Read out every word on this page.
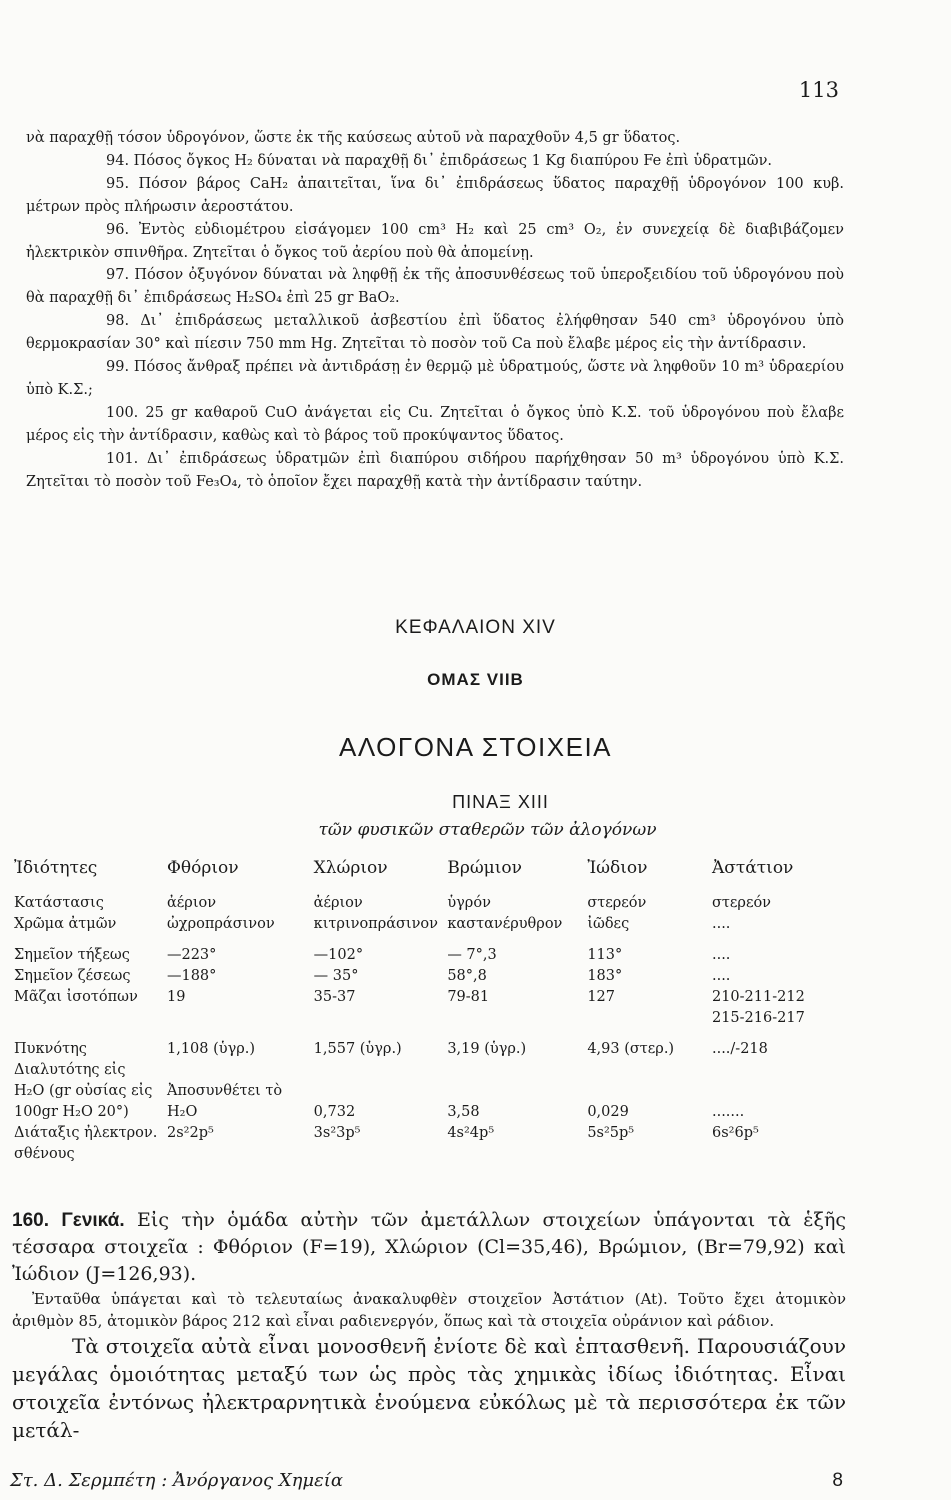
113

νὰ παραχθῇ τόσον ὑδρογόνον, ὥστε ἐκ τῆς καύσεως αὐτοῦ νὰ παραχθοῦν 4,5 gr ὕδατος.

94. Πόσος ὄγκος H₂ δύναται νὰ παραχθῇ δι᾽ ἐπιδράσεως 1 Kg διαπύρου Fe ἐπὶ ὑδρατμῶν.

95. Πόσον βάρος CaH₂ ἀπαιτεῖται, ἵνα δι᾽ ἐπιδράσεως ὕδατος παραχθῇ ὑδρογόνον 100 κυβ. μέτρων πρὸς πλήρωσιν ἀεροστάτου.

96. Ἐντὸς εὐδιομέτρου εἰσάγομεν 100 cm³ H₂ καὶ 25 cm³ O₂, ἐν συνεχείᾳ δὲ διαβιβάζομεν ἠλεκτρικὸν σπινθῆρα. Ζητεῖται ὁ ὄγκος τοῦ ἀερίου ποὺ θὰ ἀπομείνῃ.

97. Πόσον ὀξυγόνον δύναται νὰ ληφθῇ ἐκ τῆς ἀποσυνθέσεως τοῦ ὑπεροξειδίου τοῦ ὑδρογόνου ποὺ θὰ παραχθῇ δι᾽ ἐπιδράσεως H₂SO₄ ἐπὶ 25 gr BaO₂.

98. Δι᾽ ἐπιδράσεως μεταλλικοῦ ἀσβεστίου ἐπὶ ὕδατος ἐλήφθησαν 540 cm³ ὑδρογόνου ὑπὸ θερμοκρασίαν 30° καὶ πίεσιν 750 mm Hg. Ζητεῖται τὸ ποσὸν τοῦ Ca ποὺ ἔλαβε μέρος εἰς τὴν ἀντίδρασιν.

99. Πόσος ἄνθραξ πρέπει νὰ ἀντιδράσῃ ἐν θερμῷ μὲ ὑδρατμούς, ὥστε νὰ ληφθοῦν 10 m³ ὑδραερίου ὑπὸ Κ.Σ.;

100. 25 gr καθαροῦ CuO ἀνάγεται εἰς Cu. Ζητεῖται ὁ ὄγκος ὑπὸ Κ.Σ. τοῦ ὑδρογόνου ποὺ ἔλαβε μέρος εἰς τὴν ἀντίδρασιν, καθὼς καὶ τὸ βάρος τοῦ προκύψαντος ὕδατος.

101. Δι᾽ ἐπιδράσεως ὑδρατμῶν ἐπὶ διαπύρου σιδήρου παρήχθησαν 50 m³ ὑδρογόνου ὑπὸ Κ.Σ. Ζητεῖται τὸ ποσὸν τοῦ Fe₃O₄, τὸ ὁποῖον ἔχει παραχθῇ κατὰ τὴν ἀντίδρασιν ταύτην.

ΚΕΦΑΛΑΙΟΝ XIV
ΟΜΑΣ VIIB
ΑΛΟΓΟΝΑ ΣΤΟΙΧΕΙΑ
ΠΙΝΑΞ XIII
τῶν φυσικῶν σταθερῶν τῶν ἀλογόνων
Ἰδιότητες	Φθόριον	Χλώριον	Βρώμιον	Ἰώδιον	Ἀστάτιον
Κατάστασις	ἀέριον	ἀέριον	ὑγρόν	στερεόν	στερεόν
Χρῶμα ἀτμῶν	ὠχροπράσινον	κιτρινοπράσινον	καστανέρυθρον	ἰῶδες	....
Σημεῖον τήξεως	—223°	—102°	— 7°,3	113°	....
Σημεῖον ζέσεως	—188°	— 35°	58°,8	183°	....
Μᾶζαι ἰσοτόπων	19	35-37	79-81	127	210-211-212 215-216-217
Πυκνότης	1,108 (ὑγρ.)	1,557 (ὑγρ.)	3,19 (ὑγρ.)	4,93 (στερ.)	..../-218
Διαλυτότης εἰς H₂O (gr οὐσίας εἰς 100gr H₂O 20°)	Ἀποσυνθέτει τὸ H₂O	0,732	3,58	0,029	.......
Διάταξις ἠλεκτρον. σθένους	2s²2p⁵	3s²3p⁵	4s²4p⁵	5s²5p⁵	6s²6p⁵

160. Γενικά. Εἰς τὴν ὁμάδα αὐτὴν τῶν ἀμετάλλων στοιχείων ὑπάγονται τὰ ἑξῆς τέσσαρα στοιχεῖα : Φθόριον (F=19), Χλώριον (Cl=35,46), Βρώμιον, (Br=79,92) καὶ Ἰώδιον (J=126,93).

Ἐνταῦθα ὑπάγεται καὶ τὸ τελευταίως ἀνακαλυφθὲν στοιχεῖον Ἀστάτιον (At). Τοῦτο ἔχει ἀτομικὸν ἀριθμὸν 85, ἀτομικὸν βάρος 212 καὶ εἶναι ραδιενεργόν, ὅπως καὶ τὰ στοιχεῖα οὐράνιον καὶ ράδιον.

Τὰ στοιχεῖα αὐτὰ εἶναι μονοσθενῆ ἐνίοτε δὲ καὶ ἑπτασθενῆ. Παρουσιάζουν μεγάλας ὁμοιότητας μεταξύ των ὡς πρὸς τὰς χημικὰς ἰδίως ἰδιότητας. Εἶναι στοιχεῖα ἐντόνως ἠλεκτραρνητικὰ ἑνούμενα εὐκόλως μὲ τὰ περισσότερα ἐκ τῶν μετάλ-

Στ. Δ. Σερμπέτη : Ἀνόργανος Χημεία	8
